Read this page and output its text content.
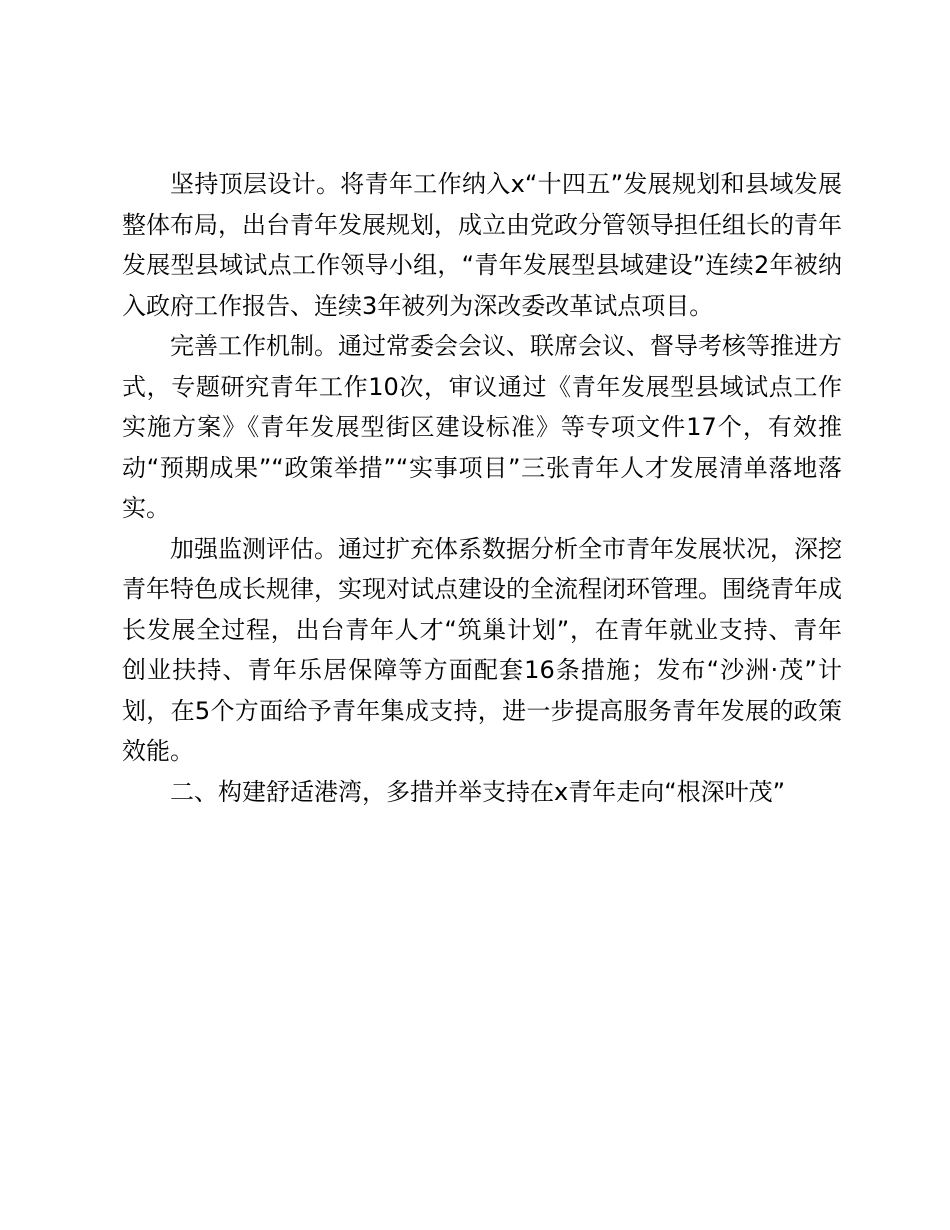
坚持顶层设计。将青年工作纳入x“十四五”发展规划和县域发展整体布局，出台青年发展规划，成立由党政分管领导担任组长的青年发展型县域试点工作领导小组，“青年发展型县域建设”连续2年被纳入政府工作报告、连续3年被列为深改委改革试点项目。

完善工作机制。通过常委会会议、联席会议、督导考核等推进方式，专题研究青年工作10次，审议通过《青年发展型县域试点工作实施方案》《青年发展型街区建设标准》等专项文件17个，有效推动“预期成果”“政策举措”“实事项目”三张青年人才发展清单落地落实。

加强监测评估。通过扩充体系数据分析全市青年发展状况，深挖青年特色成长规律，实现对试点建设的全流程闭环管理。围绕青年成长发展全过程，出台青年人才“筑巢计划”，在青年就业支持、青年创业扶持、青年乐居保障等方面配套16条措施；发布“沙洲·茂”计划，在5个方面给予青年集成支持，进一步提高服务青年发展的政策效能。

二、构建舒适港湾，多措并举支持在x青年走向“根深叶茂”
